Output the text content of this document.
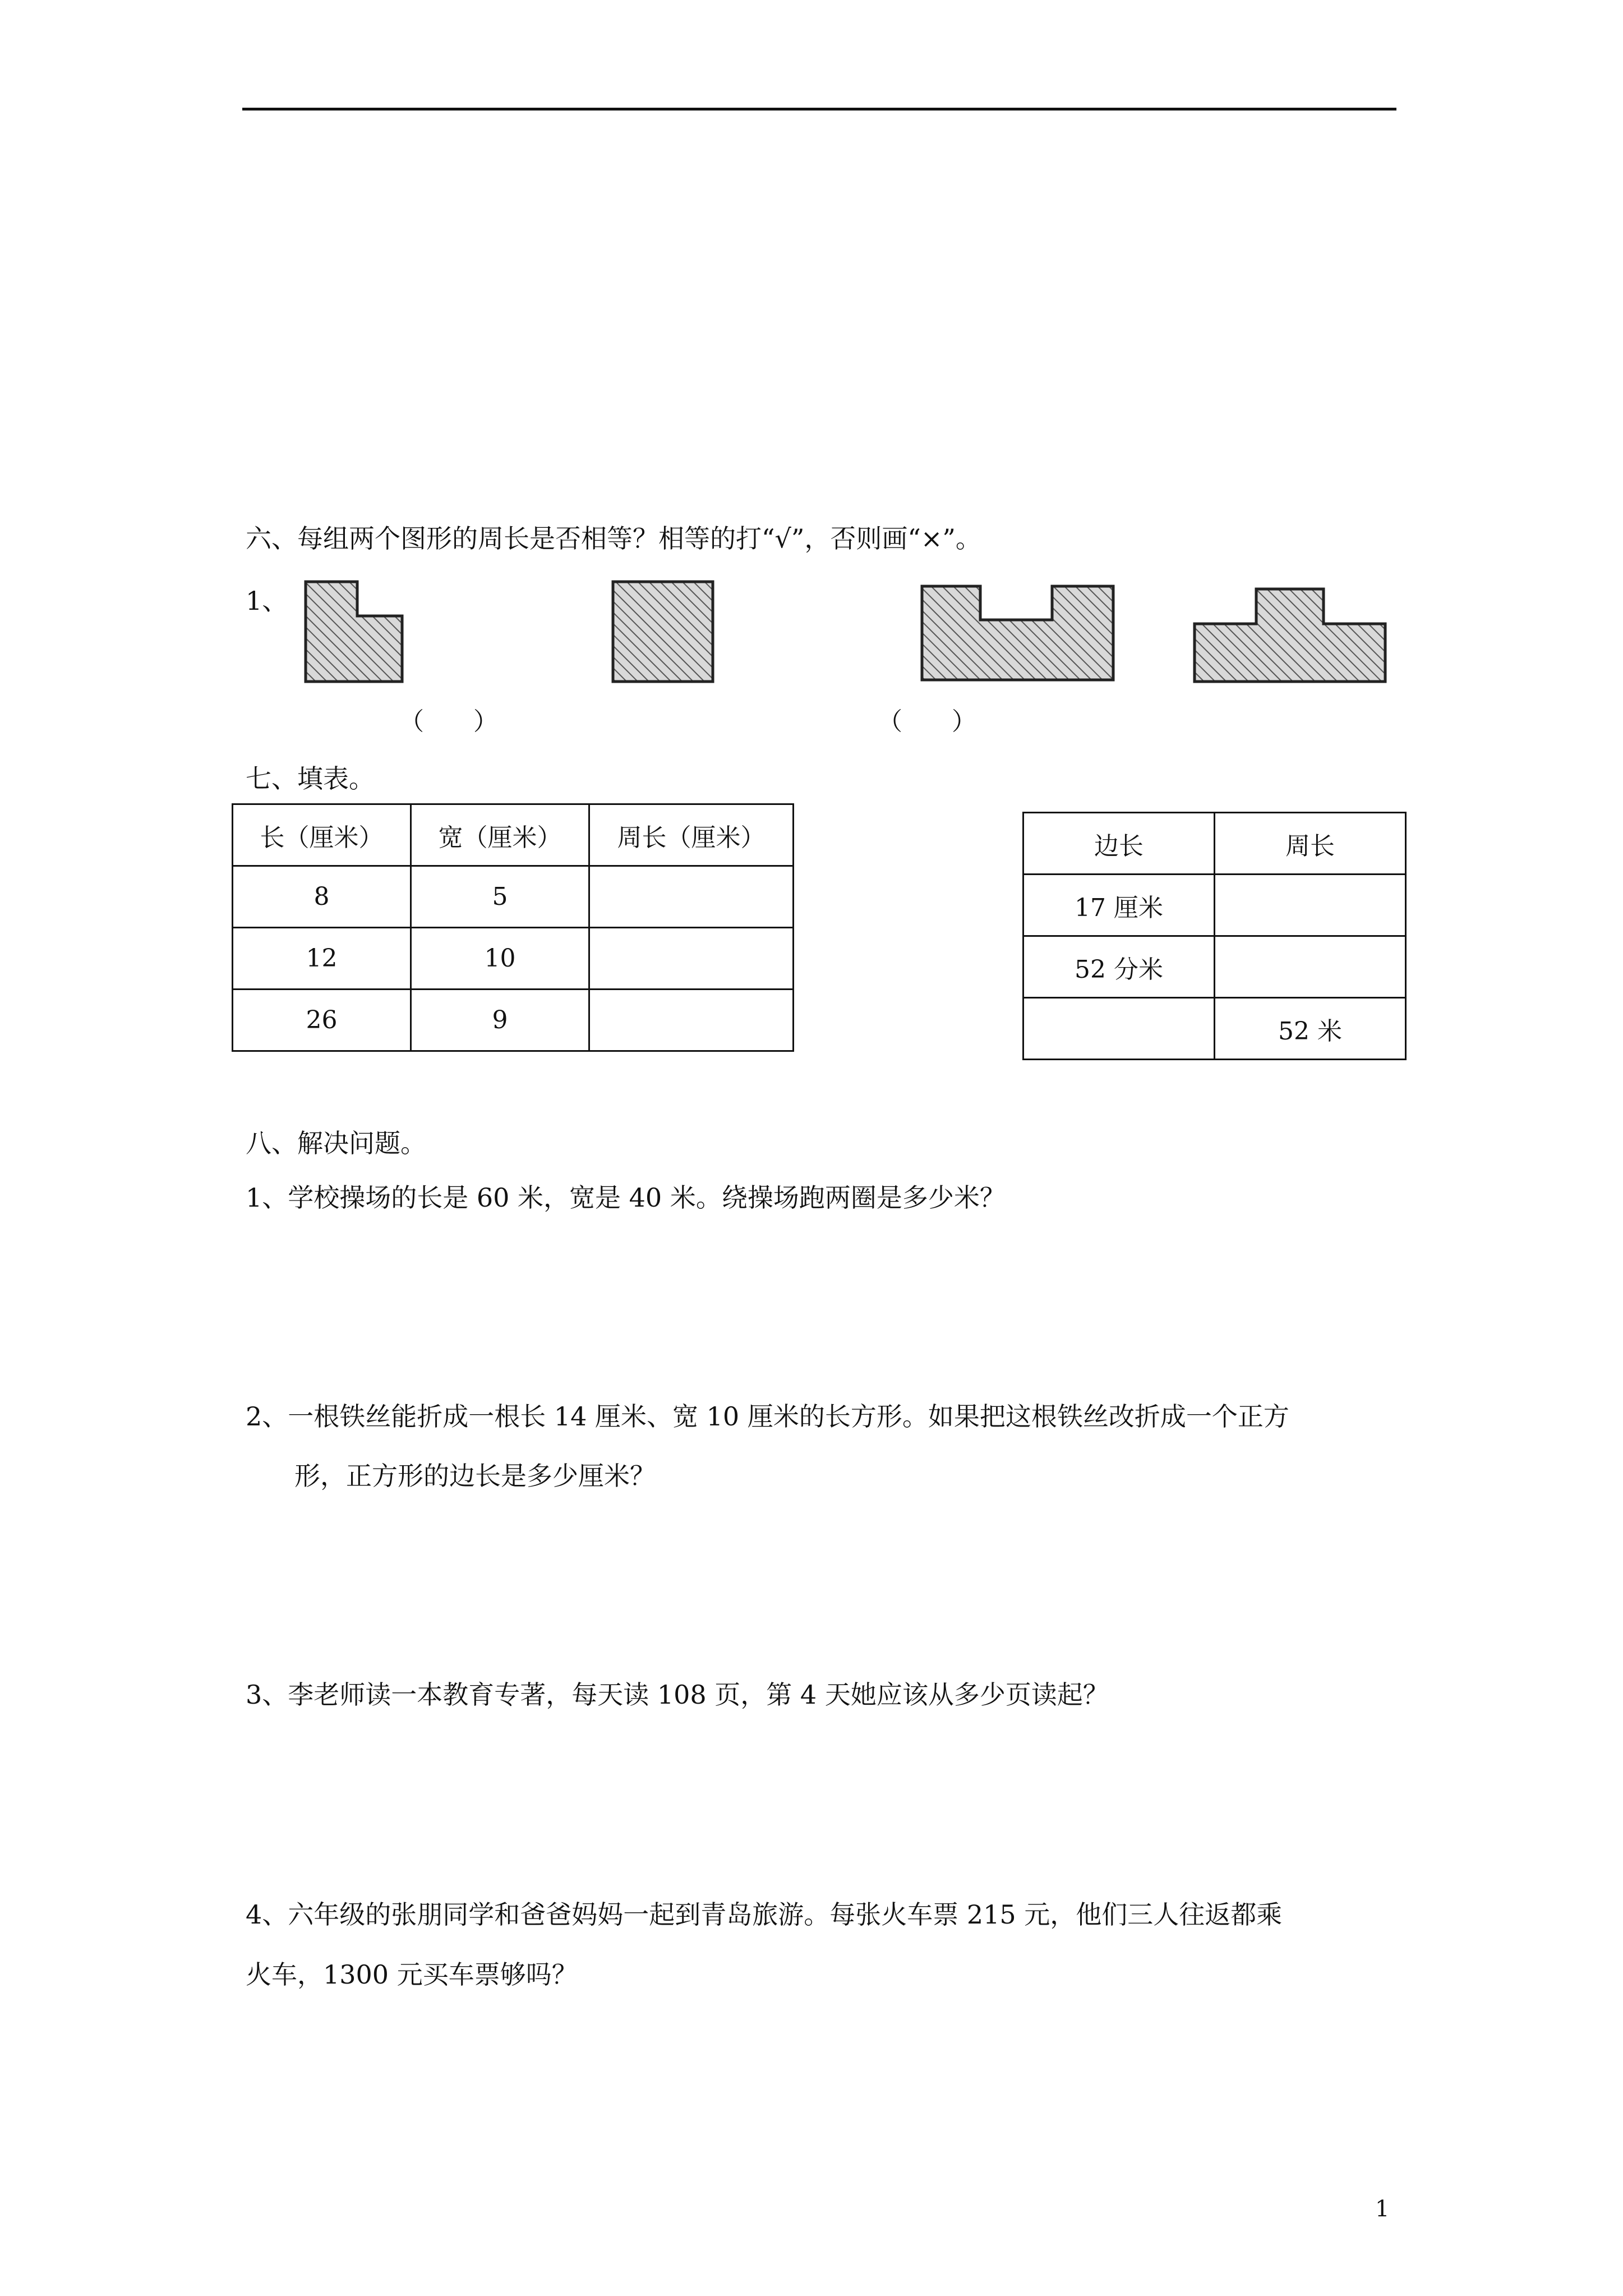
六、每组两个图形的周长是否相等？相等的打“√”，否则画“×”。
1、
（　　）	（　　）
七、填表。
长（厘米）	宽（厘米）	周长（厘米）
8	5	
12	10	
26	9	
边长	周长
17 厘米	
52 分米	
	52 米
八、解决问题。
1、学校操场的长是 60 米，宽是 40 米。绕操场跑两圈是多少米？
2、一根铁丝能折成一根长 14 厘米、宽 10 厘米的长方形。如果把这根铁丝改折成一个正方
形，正方形的边长是多少厘米？
3、李老师读一本教育专著，每天读 108 页，第 4 天她应该从多少页读起？
4、六年级的张朋同学和爸爸妈妈一起到青岛旅游。每张火车票 215 元，他们三人往返都乘
火车，1300 元买车票够吗？
1
